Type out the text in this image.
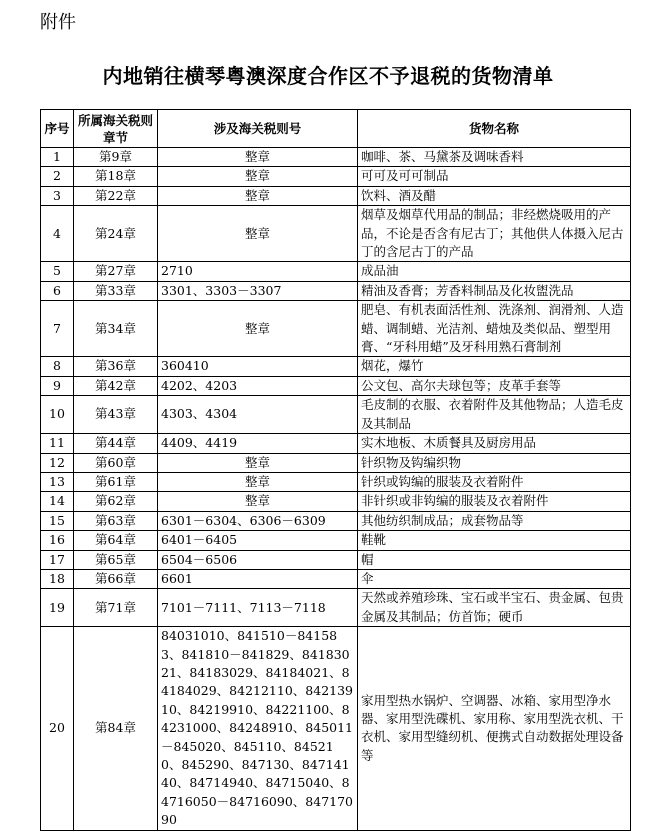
附件
内地销往横琴粤澳深度合作区不予退税的货物清单
序号	所属海关税则章节	涉及海关税则号	货物名称
1	第9章	整章	咖啡、茶、马黛茶及调味香料
2	第18章	整章	可可及可可制品
3	第22章	整章	饮料、酒及醋
4	第24章	整章	烟草及烟草代用品的制品；非经燃烧吸用的产品，不论是否含有尼古丁；其他供人体摄入尼古丁的含尼古丁的产品
5	第27章	2710	成品油
6	第33章	3301、3303－3307	精油及香膏；芳香料制品及化妆盥洗品
7	第34章	整章	肥皂、有机表面活性剂、洗涤剂、润滑剂、人造蜡、调制蜡、光洁剂、蜡烛及类似品、塑型用膏、“牙科用蜡”及牙科用熟石膏制剂
8	第36章	360410	烟花，爆竹
9	第42章	4202、4203	公文包、高尔夫球包等；皮革手套等
10	第43章	4303、4304	毛皮制的衣服、衣着附件及其他物品；人造毛皮及其制品
11	第44章	4409、4419	实木地板、木质餐具及厨房用品
12	第60章	整章	针织物及钩编织物
13	第61章	整章	针织或钩编的服装及衣着附件
14	第62章	整章	非针织或非钩编的服装及衣着附件
15	第63章	6301－6304、6306－6309	其他纺织制成品；成套物品等
16	第64章	6401－6405	鞋靴
17	第65章	6504－6506	帽
18	第66章	6601	伞
19	第71章	7101－7111、7113－7118	天然或养殖珍珠、宝石或半宝石、贵金属、包贵金属及其制品；仿首饰；硬币
20	第84章	84031010、841510－841583、841810－841829、84183021、84183029、84184021、84184029、84212110、84213910、84219910、84221100、84231000、84248910、845011－845020、845110、845210、845290、847130、84714140、84714940、84715040、84716050－84716090、84717090	家用型热水锅炉、空调器、冰箱、家用型净水器、家用型洗碟机、家用称、家用型洗衣机、干衣机、家用型缝纫机、便携式自动数据处理设备等
